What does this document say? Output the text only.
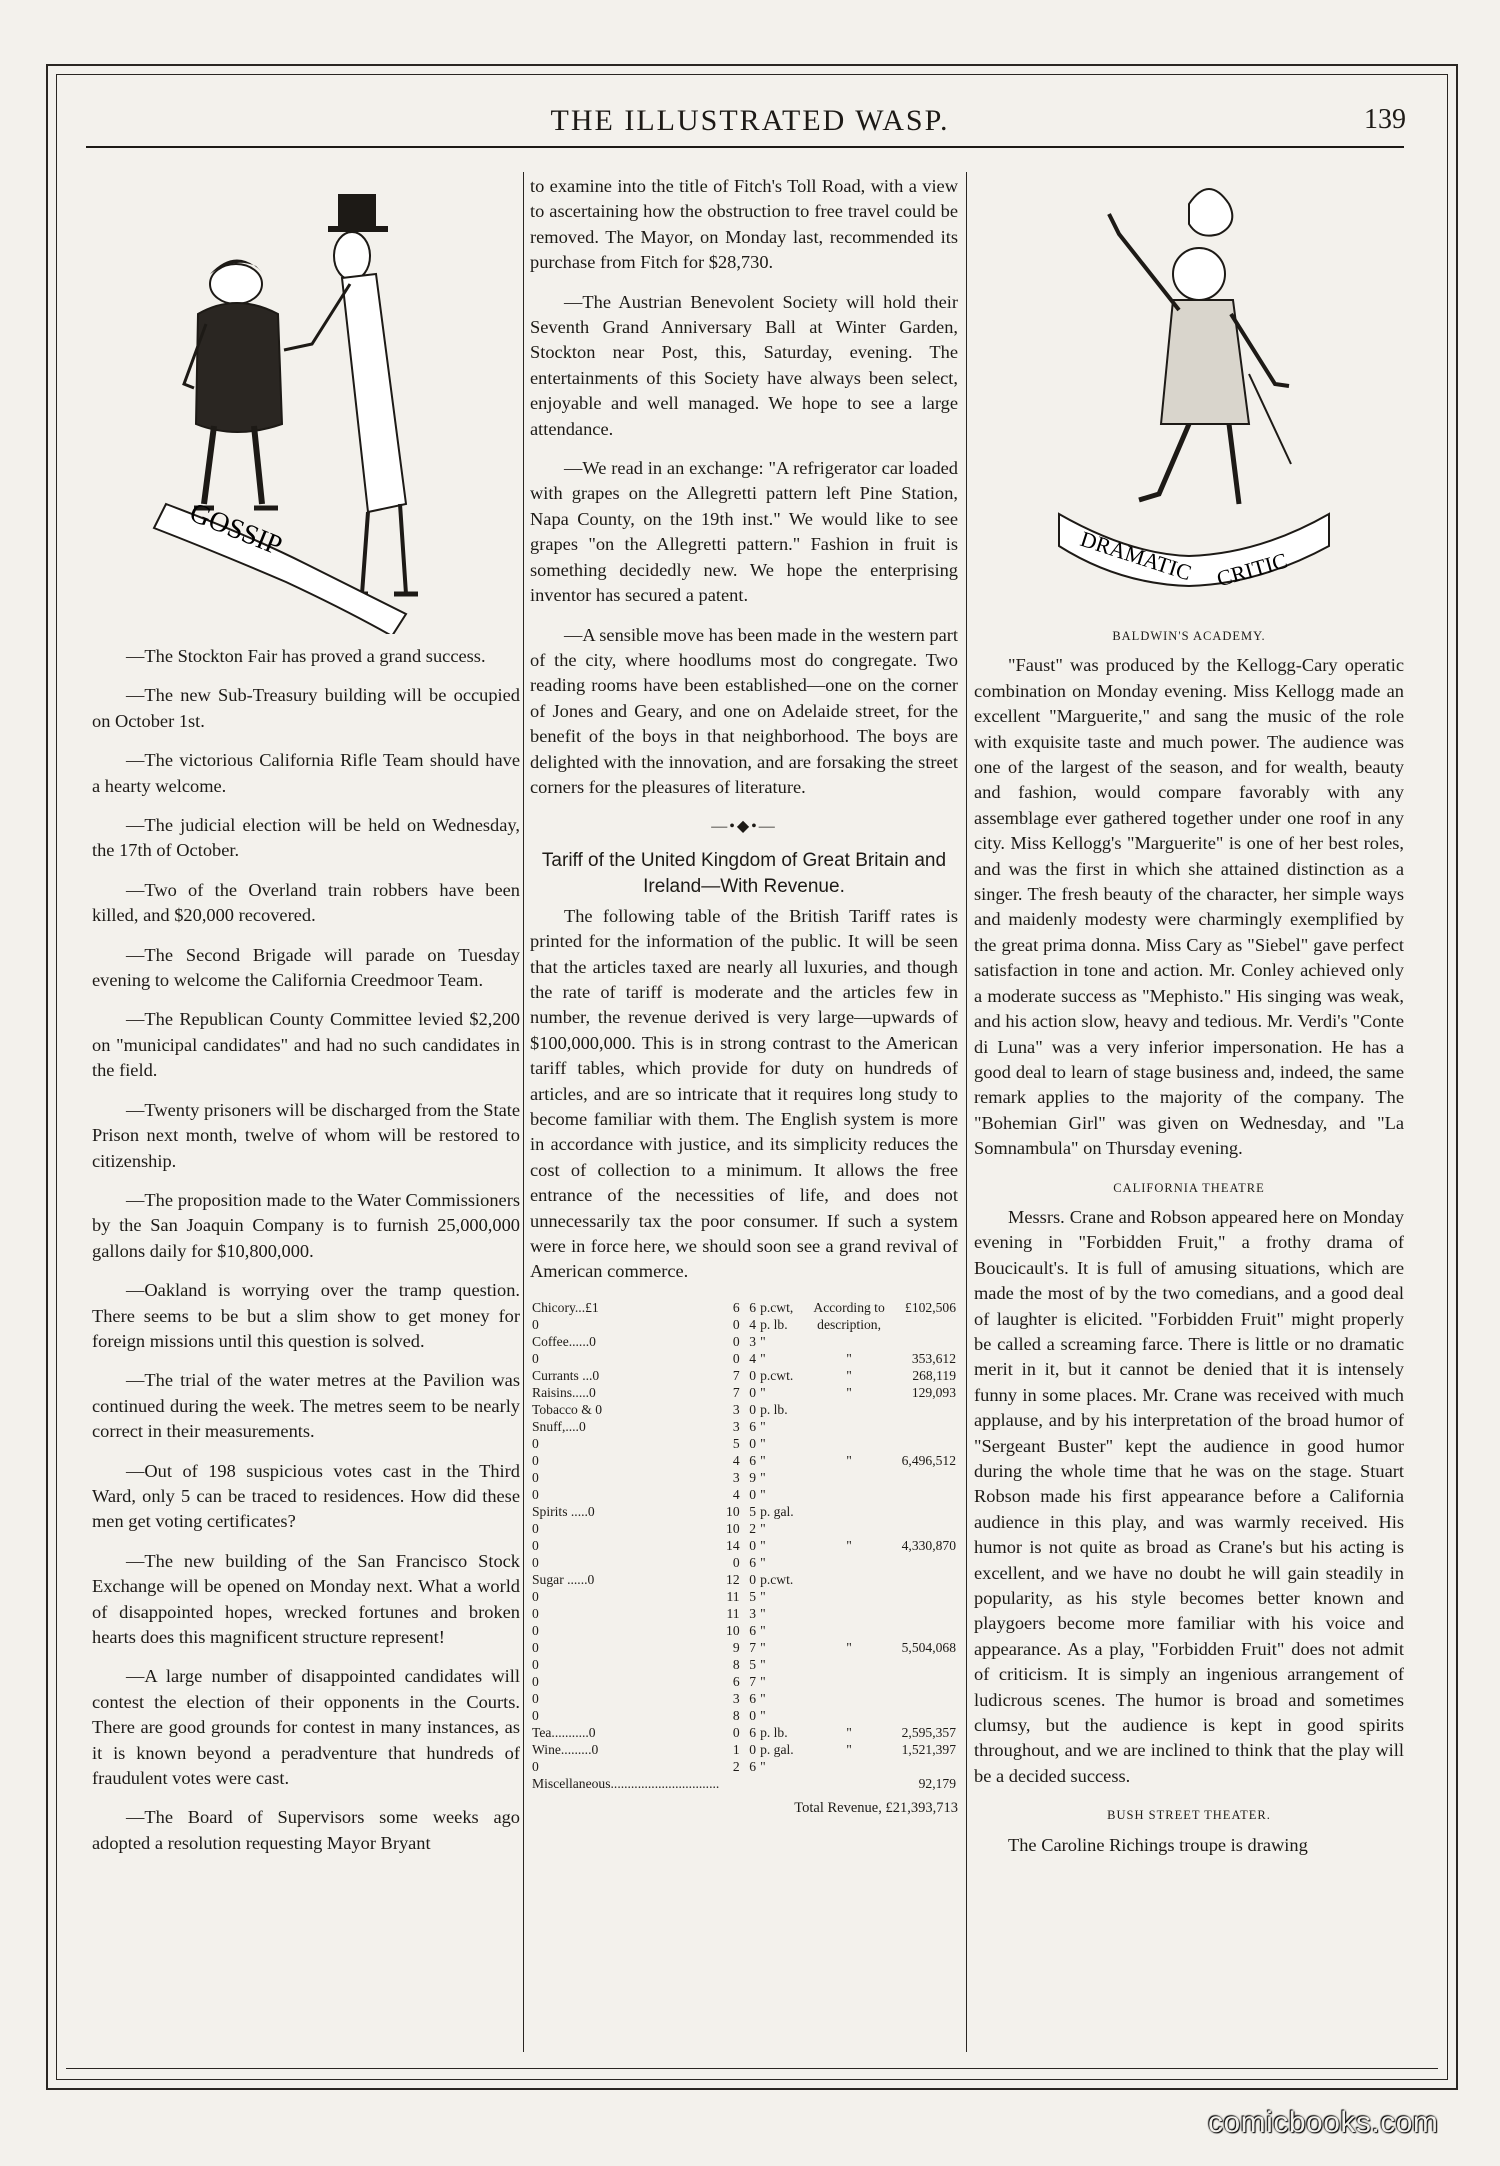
THE ILLUSTRATED WASP.	139
GOSSIP

—The Stockton Fair has proved a grand success.

—The new Sub-Treasury building will be occupied on October 1st.

—The victorious California Rifle Team should have a hearty welcome.

—The judicial election will be held on Wednesday, the 17th of October.

—Two of the Overland train robbers have been killed, and $20,000 recovered.

—The Second Brigade will parade on Tuesday evening to welcome the California Creedmoor Team.

—The Republican County Committee levied $2,200 on "municipal candidates" and had no such candidates in the field.

—Twenty prisoners will be discharged from the State Prison next month, twelve of whom will be restored to citizenship.

—The proposition made to the Water Commissioners by the San Joaquin Company is to furnish 25,000,000 gallons daily for $10,800,000.

—Oakland is worrying over the tramp question. There seems to be but a slim show to get money for foreign missions until this question is solved.

—The trial of the water metres at the Pavilion was continued during the week. The metres seem to be nearly correct in their measurements.

—Out of 198 suspicious votes cast in the Third Ward, only 5 can be traced to residences. How did these men get voting certificates?

—The new building of the San Francisco Stock Exchange will be opened on Monday next. What a world of disappointed hopes, wrecked fortunes and broken hearts does this magnificent structure represent!

—A large number of disappointed candidates will contest the election of their opponents in the Courts. There are good grounds for contest in many instances, as it is known beyond a peradventure that hundreds of fraudulent votes were cast.

—The Board of Supervisors some weeks ago adopted a resolution requesting Mayor Bryant

to examine into the title of Fitch's Toll Road, with a view to ascertaining how the obstruction to free travel could be removed. The Mayor, on Monday last, recommended its purchase from Fitch for $28,730.

—The Austrian Benevolent Society will hold their Seventh Grand Anniversary Ball at Winter Garden, Stockton near Post, this, Saturday, evening. The entertainments of this Society have always been select, enjoyable and well managed. We hope to see a large attendance.

—We read in an exchange: "A refrigerator car loaded with grapes on the Allegretti pattern left Pine Station, Napa County, on the 19th inst." We would like to see grapes "on the Allegretti pattern." Fashion in fruit is something decidedly new. We hope the enterprising inventor has secured a patent.

—A sensible move has been made in the western part of the city, where hoodlums most do congregate. Two reading rooms have been established—one on the corner of Jones and Geary, and one on Adelaide street, for the benefit of the boys in that neighborhood. The boys are delighted with the innovation, and are forsaking the street corners for the pleasures of literature.

—•◆•—
Tariff of the United Kingdom of Great Britain and Ireland—With Revenue.

The following table of the British Tariff rates is printed for the information of the public. It will be seen that the articles taxed are nearly all luxuries, and though the rate of tariff is moderate and the articles few in number, the revenue derived is very large—upwards of $100,000,000. This is in strong contrast to the American tariff tables, which provide for duty on hundreds of articles, and are so intricate that it requires long study to become familiar with them. The English system is more in accordance with justice, and its simplicity reduces the cost of collection to a minimum. It allows the free entrance of the necessities of life, and does not unnecessarily tax the poor consumer. If such a system were in force here, we should soon see a grand revival of American commerce.

Chicory...£1	6	6	p.cwt,	According to	£102,506
0	0	4	p. lb.	description,	
Coffee......0	0	3	"		
0	0	4	"	"	353,612
Currants ...0	7	0	p.cwt.	"	268,119
Raisins.....0	7	0	"	"	129,093
Tobacco & 0	3	0	p. lb.		
Snuff,....0	3	6	"		
0	5	0	"		
0	4	6	"	"	6,496,512
0	3	9	"		
0	4	0	"		
Spirits .....0	10	5	p. gal.		
0	10	2	"		
0	14	0	"	"	4,330,870
0	0	6	"		
Sugar ......0	12	0	p.cwt.		
0	11	5	"		
0	11	3	"		
0	10	6	"		
0	9	7	"	"	5,504,068
0	8	5	"		
0	6	7	"		
0	3	6	"		
0	8	0	"		
Tea...........0	0	6	p. lb.	"	2,595,357
Wine.........0	1	0	p. gal.	"	1,521,397
0	2	6	"		
Miscellaneous................................					92,179
Total Revenue, £21,393,713
DRAMATIC CRITIC
BALDWIN'S ACADEMY.

"Faust" was produced by the Kellogg-Cary operatic combination on Monday evening. Miss Kellogg made an excellent "Marguerite," and sang the music of the role with exquisite taste and much power. The audience was one of the largest of the season, and for wealth, beauty and fashion, would compare favorably with any assemblage ever gathered together under one roof in any city. Miss Kellogg's "Marguerite" is one of her best roles, and was the first in which she attained distinction as a singer. The fresh beauty of the character, her simple ways and maidenly modesty were charmingly exemplified by the great prima donna. Miss Cary as "Siebel" gave perfect satisfaction in tone and action. Mr. Conley achieved only a moderate success as "Mephisto." His singing was weak, and his action slow, heavy and tedious. Mr. Verdi's "Conte di Luna" was a very inferior impersonation. He has a good deal to learn of stage business and, indeed, the same remark applies to the majority of the company. The "Bohemian Girl" was given on Wednesday, and "La Somnambula" on Thursday evening.

CALIFORNIA THEATRE

Messrs. Crane and Robson appeared here on Monday evening in "Forbidden Fruit," a frothy drama of Boucicault's. It is full of amusing situations, which are made the most of by the two comedians, and a good deal of laughter is elicited. "Forbidden Fruit" might properly be called a screaming farce. There is little or no dramatic merit in it, but it cannot be denied that it is intensely funny in some places. Mr. Crane was received with much applause, and by his interpretation of the broad humor of "Sergeant Buster" kept the audience in good humor during the whole time that he was on the stage. Stuart Robson made his first appearance before a California audience in this play, and was warmly received. His humor is not quite as broad as Crane's but his acting is excellent, and we have no doubt he will gain steadily in popularity, as his style becomes better known and playgoers become more familiar with his voice and appearance. As a play, "Forbidden Fruit" does not admit of criticism. It is simply an ingenious arrangement of ludicrous scenes. The humor is broad and sometimes clumsy, but the audience is kept in good spirits throughout, and we are inclined to think that the play will be a decided success.

BUSH STREET THEATER.

The Caroline Richings troupe is drawing

comicbooks.com
